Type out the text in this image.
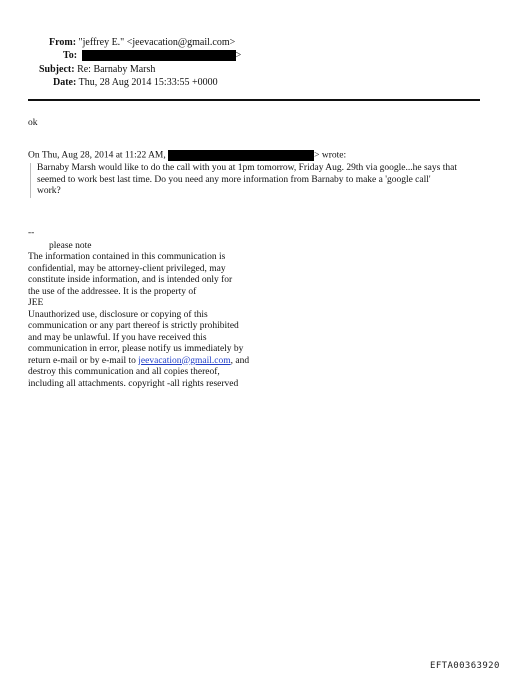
From: "jeffrey E." <jeevacation@gmail.com>
To:	>
Subject: Re: Barnaby Marsh
Date: Thu, 28 Aug 2014 15:33:55 +0000
ok
On Thu, Aug 28, 2014 at 11:22 AM,	> wrote:
Barnaby Marsh would like to do the call with you at 1pm tomorrow, Friday Aug. 29th via google...he says that
seemed to work best last time. Do you need any more information from Barnaby to make a 'google call'
work?
--
please note
The information contained in this communication is
confidential, may be attorney-client privileged, may
constitute inside information, and is intended only for
the use of the addressee. It is the property of
JEE
Unauthorized use, disclosure or copying of this
communication or any part thereof is strictly prohibited
and may be unlawful. If you have received this
communication in error, please notify us immediately by
return e-mail or by e-mail to jeevacation@gmail.com, and
destroy this communication and all copies thereof,
including all attachments. copyright -all rights reserved
EFTA00363920
